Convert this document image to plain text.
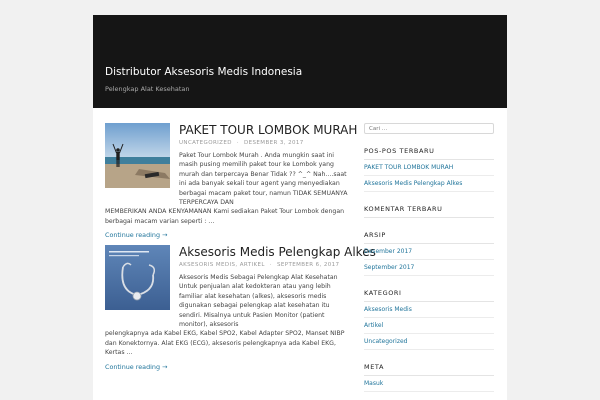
Distributor Aksesoris Medis Indonesia
Pelengkap Alat Kesehatan
PAKET TOUR LOMBOK MURAH
UNCATEGORIZED · DESEMBER 3, 2017
Paket Tour Lombok Murah . Anda mungkin saat ini masih pusing memilih paket tour ke Lombok yang murah dan terpercaya Benar Tidak ?? ^_^ Nah....saat ini ada banyak sekali tour agent yang menyediakan berbagai macam paket tour, namun TIDAK SEMUANYA TERPERCAYA DAN
MEMBERIKAN ANDA KENYAMANAN Kami sediakan Paket Tour Lombok dengan berbagai macam varian seperti : …
Continue reading →
Aksesoris Medis Pelengkap Alkes
AKSESORIS MEDIS, ARTIKEL · SEPTEMBER 6, 2017
Aksesoris Medis Sebagai Pelengkap Alat Kesehatan Untuk penjualan alat kedokteran atau yang lebih familiar alat kesehatan (alkes), aksesoris medis digunakan sebagai pelengkap alat kesehatan itu sendiri. Misalnya untuk Pasien Monitor (patient monitor), aksesoris
pelengkapnya ada Kabel EKG, Kabel SPO2, Kabel Adapter SPO2, Manset NIBP dan Konektornya. Alat EKG (ECG), aksesoris pelengkapnya ada Kabel EKG, Kertas …
Continue reading →
Cari …
POS-POS TERBARU
PAKET TOUR LOMBOK MURAH
Aksesoris Medis Pelengkap Alkes
KOMENTAR TERBARU
ARSIP
Desember 2017
September 2017
KATEGORI
Aksesoris Medis
Artikel
Uncategorized
META
Masuk
